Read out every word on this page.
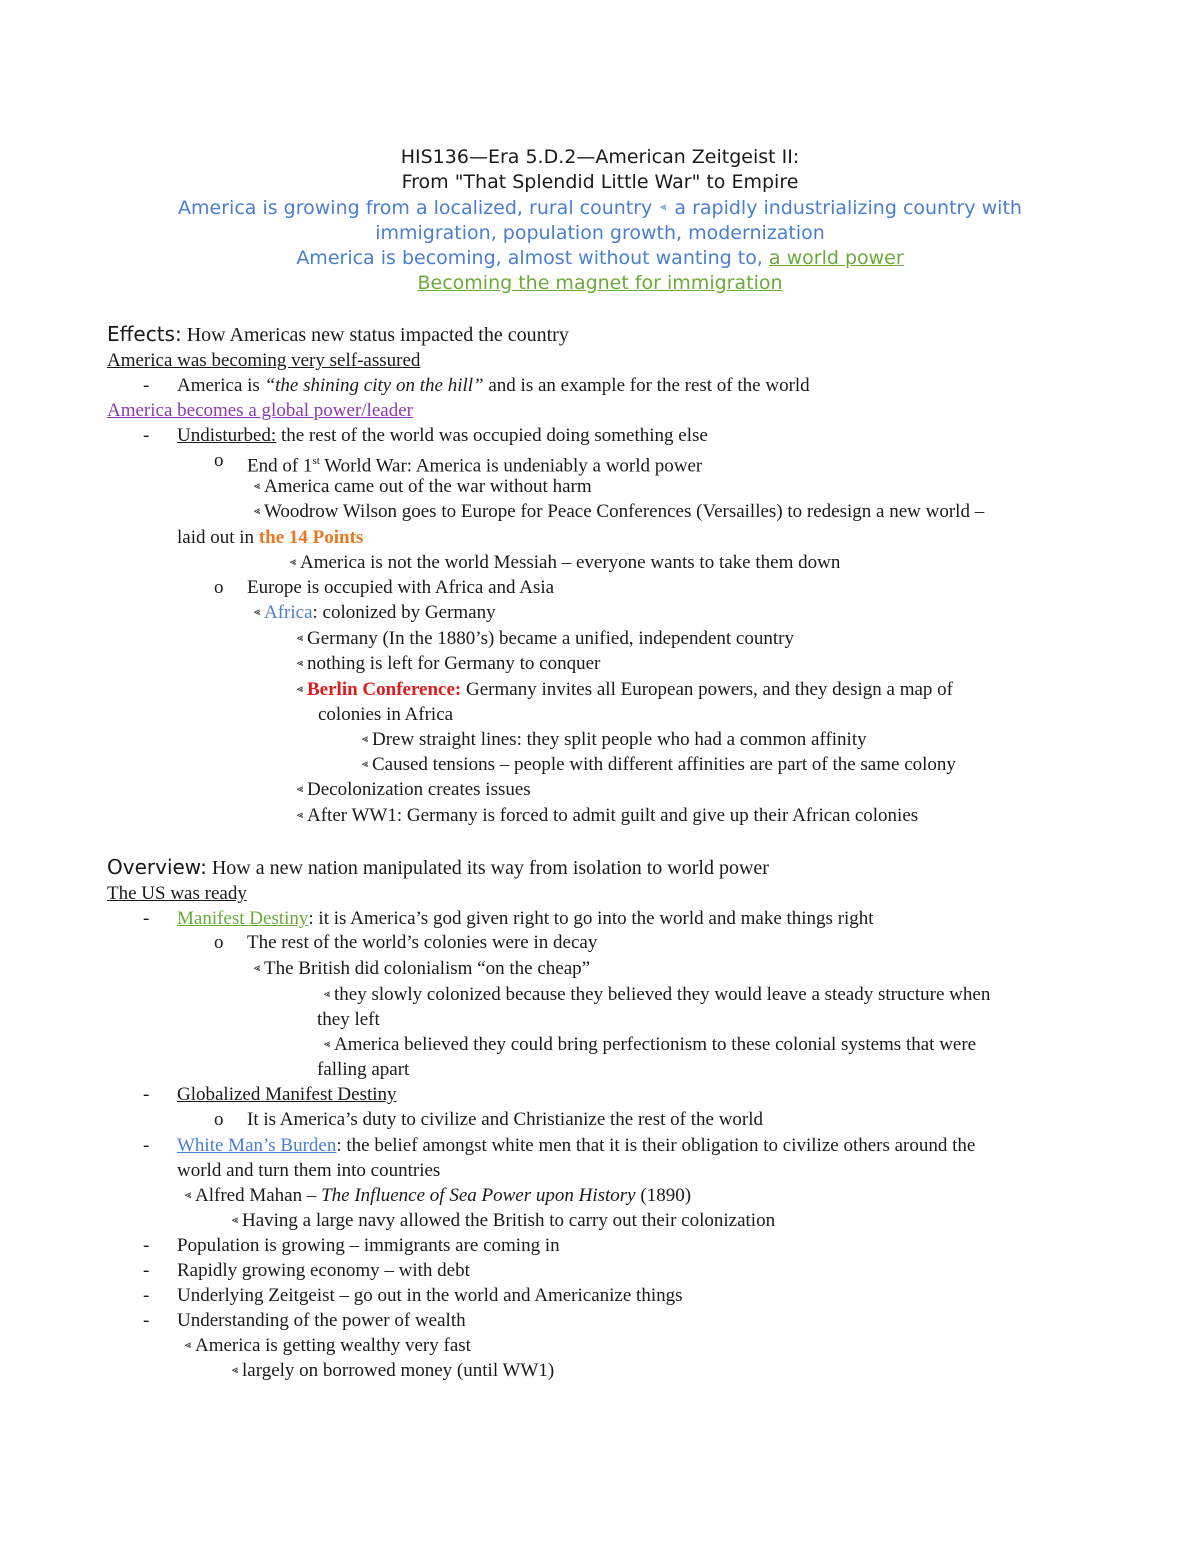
HIS136—Era 5.D.2—American Zeitgeist II:
From "That Splendid Little War" to Empire
America is growing from a localized, rural country ⪡ a rapidly industrializing country with
immigration, population growth, modernization
America is becoming, almost without wanting to, a world power
Becoming the magnet for immigration
Effects: How Americas new status impacted the country
America was becoming very self-assured
- America is “the shining city on the hill” and is an example for the rest of the world
America becomes a global power/leader
- Undisturbed: the rest of the world was occupied doing something else
o End of 1st World War: America is undeniably a world power
⪡ America came out of the war without harm
⪡ Woodrow Wilson goes to Europe for Peace Conferences (Versailles) to redesign a new world –
laid out in the 14 Points
⪡ America is not the world Messiah – everyone wants to take them down
o Europe is occupied with Africa and Asia
⪡ Africa: colonized by Germany
⪡ Germany (In the 1880’s) became a unified, independent country
⪡ nothing is left for Germany to conquer
⪡ Berlin Conference: Germany invites all European powers, and they design a map of
colonies in Africa
⪡ Drew straight lines: they split people who had a common affinity
⪡ Caused tensions – people with different affinities are part of the same colony
⪡ Decolonization creates issues
⪡ After WW1: Germany is forced to admit guilt and give up their African colonies
Overview: How a new nation manipulated its way from isolation to world power
The US was ready
- Manifest Destiny: it is America’s god given right to go into the world and make things right
o The rest of the world’s colonies were in decay
⪡ The British did colonialism “on the cheap”
⪡ they slowly colonized because they believed they would leave a steady structure when
they left
⪡ America believed they could bring perfectionism to these colonial systems that were
falling apart
- Globalized Manifest Destiny
o It is America’s duty to civilize and Christianize the rest of the world
- White Man’s Burden: the belief amongst white men that it is their obligation to civilize others around the
world and turn them into countries
⪡ Alfred Mahan – The Influence of Sea Power upon History (1890)
⪡ Having a large navy allowed the British to carry out their colonization
- Population is growing – immigrants are coming in
- Rapidly growing economy – with debt
- Underlying Zeitgeist – go out in the world and Americanize things
- Understanding of the power of wealth
⪡ America is getting wealthy very fast
⪡ largely on borrowed money (until WW1)
